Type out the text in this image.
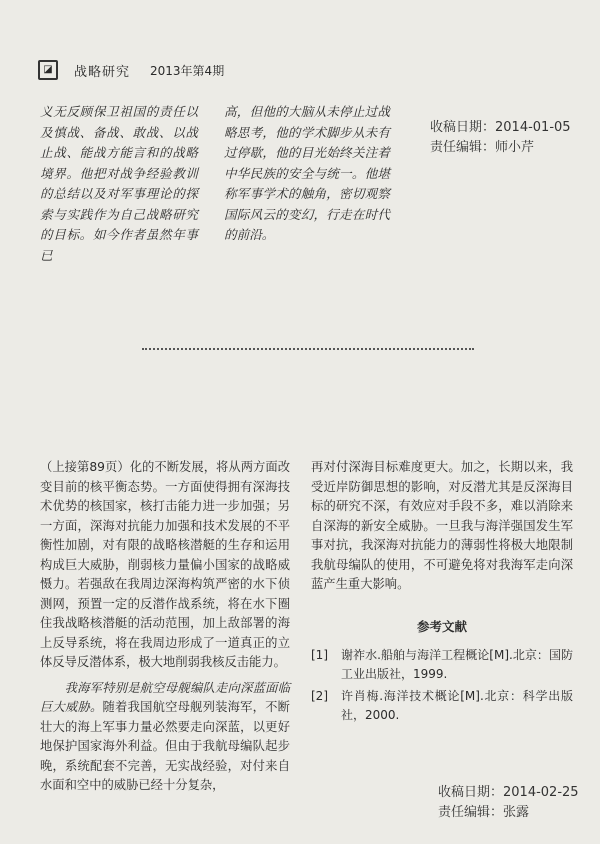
◪	战略研究 2013年第4期
义无反顾保卫祖国的责任以及慎战、备战、敢战、以战止战、能战方能言和的战略境界。他把对战争经验教训的总结以及对军事理论的探索与实践作为自己战略研究的目标。如今作者虽然年事已
高，但他的大脑从未停止过战略思考，他的学术脚步从未有过停歇，他的目光始终关注着中华民族的安全与统一。他堪称军事学术的触角，密切观察国际风云的变幻，行走在时代的前沿。
收稿日期：2014-01-05
责任编辑：师小芹

（上接第89页）化的不断发展，将从两方面改变目前的核平衡态势。一方面使得拥有深海技术优势的核国家，核打击能力进一步加强；另一方面，深海对抗能力加强和技术发展的不平衡性加剧，对有限的战略核潜艇的生存和运用构成巨大威胁，削弱核力量偏小国家的战略威慑力。若强敌在我周边深海构筑严密的水下侦测网，预置一定的反潜作战系统，将在水下圈住我战略核潜艇的活动范围，加上敌部署的海上反导系统，将在我周边形成了一道真正的立体反导反潜体系，极大地削弱我核反击能力。

我海军特别是航空母舰编队走向深蓝面临巨大威胁。随着我国航空母舰列装海军，不断壮大的海上军事力量必然要走向深蓝，以更好地保护国家海外利益。但由于我航母编队起步晚，系统配套不完善，无实战经验，对付来自水面和空中的威胁已经十分复杂，

再对付深海目标难度更大。加之，长期以来，我受近岸防御思想的影响，对反潜尤其是反深海目标的研究不深，有效应对手段不多，难以消除来自深海的新安全威胁。一旦我与海洋强国发生军事对抗，我深海对抗能力的薄弱性将极大地限制我航母编队的使用，不可避免将对我海军走向深蓝产生重大影响。

参考文献
[1]	谢祚水.船舶与海洋工程概论[M].北京：国防工业出版社，1999.
[2]	许肖梅.海洋技术概论[M].北京：科学出版社，2000.
收稿日期：2014-02-25
责任编辑：张露
